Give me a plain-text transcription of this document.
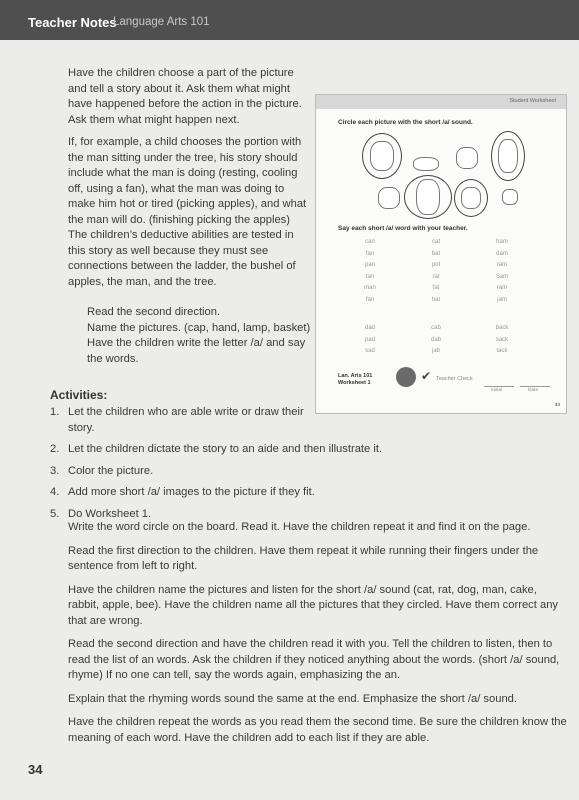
Teacher Notes
Language Arts 101

Have the children choose a part of the picture and tell a story about it. Ask them what might have happened before the action in the picture. Ask them what might happen next.

If, for example, a child chooses the portion with the man sitting under the tree, his story should include what the man is doing (resting, cooling off, using a fan), what the man was doing to make him hot or tired (picking apples), and what the man will do. (finishing picking the apples) The children’s deductive abilities are tested in this story as well because they must see connections between the ladder, the bushel of apples, the man, and the tree.

Read the second direction.
Name the pictures. (cap, hand, lamp, basket)
Have the children write the letter /a/ and say the words.
Student Worksheet
Circle each picture with the short /a/ sound.
Say each short /a/ word with your teacher.
can
fan
pan
tan
man
fan
cat
bat
pot
rat
fat
hat
ham
dam
ram
Sam
ram
jam
dad
pad
sad
cab
dab
jab
back
sack
tack
Lan. Arts 101
Worksheet 1	✔ Teacher Check
Initial	Date
33
Activities:
1. Let the children who are able write or draw their story.
2. Let the children dictate the story to an aide and then illustrate it.
3. Color the picture.
4. Add more short /a/ images to the picture if they fit.
5. Do Worksheet 1.

Write the word circle on the board. Read it. Have the children repeat it and find it on the page.

Read the first direction to the children. Have them repeat it while running their fingers under the sentence from left to right.

Have the children name the pictures and listen for the short /a/ sound (cat, rat, dog, man, cake, rabbit, apple, bee). Have the children name all the pictures that they circled. Have them correct any that are wrong.

Read the second direction and have the children read it with you. Tell the children to listen, then to read the list of an words. Ask the children if they noticed anything about the words. (short /a/ sound, rhyme) If no one can tell, say the words again, emphasizing the an.

Explain that the rhyming words sound the same at the end. Emphasize the short /a/ sound.

Have the children repeat the words as you read them the second time. Be sure the children know the meaning of each word. Have the children add to each list if they are able.

34
